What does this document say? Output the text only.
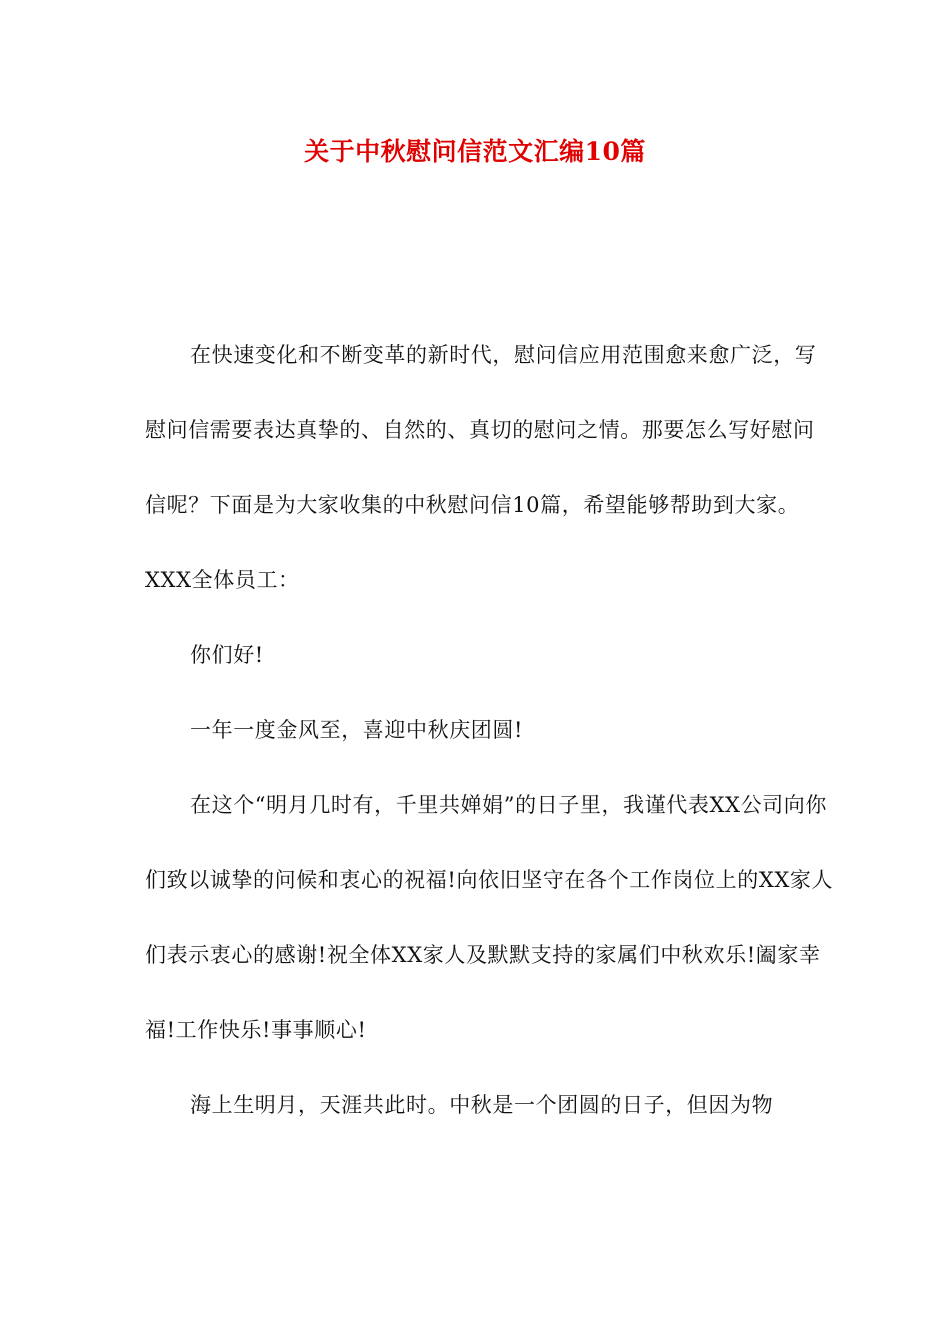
关于中秋慰问信范文汇编10篇

在快速变化和不断变革的新时代，慰问信应用范围愈来愈广泛，写慰问信需要表达真挚的、自然的、真切的慰问之情。那要怎么写好慰问信呢？下面是为大家收集的中秋慰问信10篇，希望能够帮助到大家。

XXX全体员工：

你们好!

一年一度金风至，喜迎中秋庆团圆!

在这个“明月几时有，千里共婵娟”的日子里，我谨代表XX公司向你们致以诚挚的问候和衷心的祝福!向依旧坚守在各个工作岗位上的XX家人们表示衷心的感谢!祝全体XX家人及默默支持的家属们中秋欢乐!阖家幸福!工作快乐!事事顺心!

海上生明月，天涯共此时。中秋是一个团圆的日子，但因为物
